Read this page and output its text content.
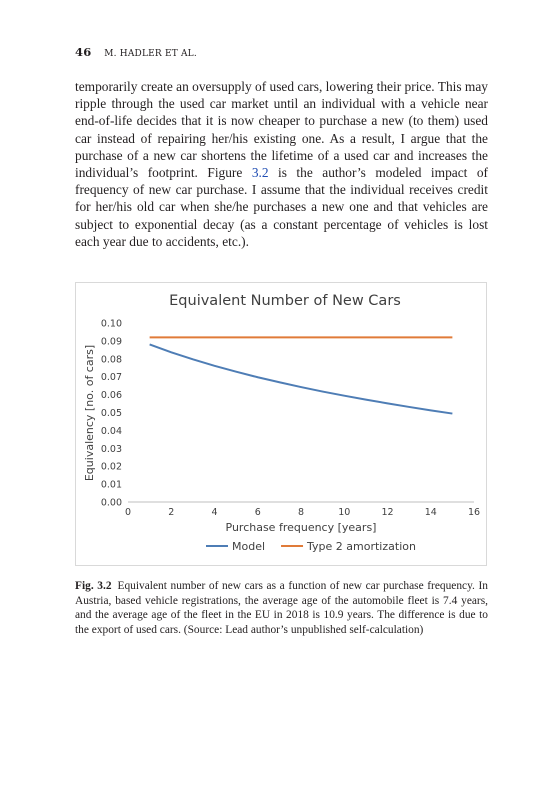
46 M. HADLER ET AL.
temporarily create an oversupply of used cars, lowering their price. This may ripple through the used car market until an individual with a vehicle near end-of-life decides that it is now cheaper to purchase a new (to them) used car instead of repairing her/his existing one. As a result, I argue that the purchase of a new car shortens the lifetime of a used car and increases the individual’s footprint. Figure 3.2 is the author’s modeled impact of frequency of new car purchase. I assume that the individual receives credit for her/his old car when she/he purchases a new one and that vehicles are subject to exponential decay (as a constant percentage of vehicles is lost each year due to accidents, etc.).
Equivalent Number of New Cars
0.00
0.01
0.02
0.03
0.04
0.05
0.06
0.07
0.08
0.09
0.10
0	2	4	6	8	10	12	14	16
Purchase frequency [years]
Equivalency [no. of cars]
Model	Type 2 amortization
Fig. 3.2 Equivalent number of new cars as a function of new car purchase frequency. In Austria, based vehicle registrations, the average age of the automobile fleet is 7.4 years, and the average age of the fleet in the EU in 2018 is 10.9 years. The difference is due to the export of used cars. (Source: Lead author’s unpublished self-calculation)
